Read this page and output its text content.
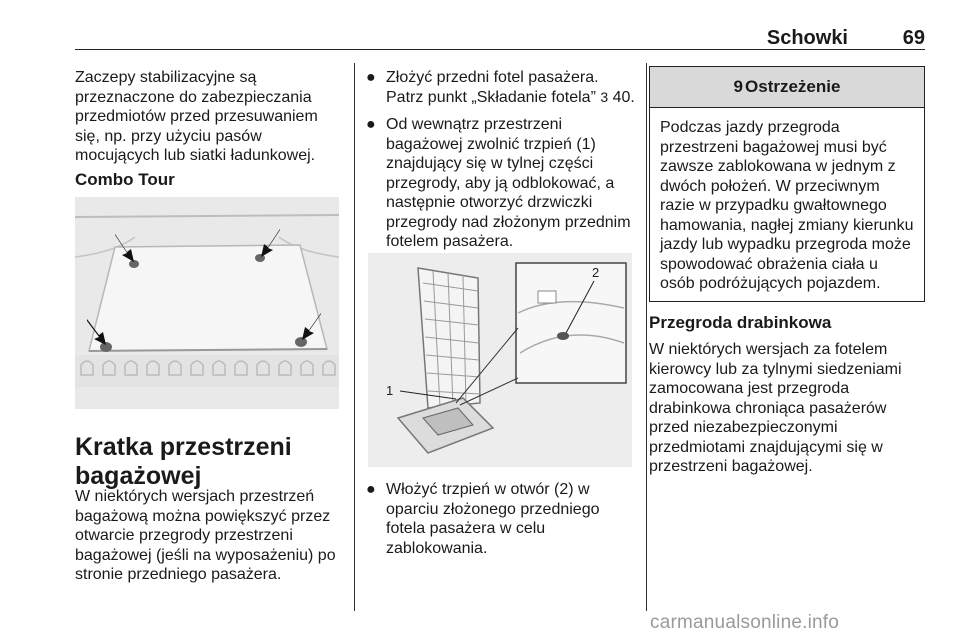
Schowki	69

Zaczepy stabilizacyjne są przeznaczone do zabezpieczania przedmiotów przed przesuwaniem się, np. przy użyciu pasów mocujących lub siatki ładunkowej.

Combo Tour
Kratka przestrzeni bagażowej

W niektórych wersjach przestrzeń bagażową można powiększyć przez otwarcie przegrody przestrzeni bagażowej (jeśli na wyposażeniu) po stronie przedniego pasażera.

● Złożyć przedni fotel pasażera. Patrz punkt „Składanie fotela” 3 40.
● Od wewnątrz przestrzeni bagażowej zwolnić trzpień (1) znajdujący się w tylnej części przegrody, aby ją odblokować, a następnie otworzyć drzwiczki przegrody nad złożonym przednim fotelem pasażera.
1
2
● Włożyć trzpień w otwór (2) w oparciu złożonego przedniego fotela pasażera w celu zablokowania.
9 Ostrzeżenie
Podczas jazdy przegroda przestrzeni bagażowej musi być zawsze zablokowana w jednym z dwóch położeń. W przeciwnym razie w przypadku gwałtownego hamowania, nagłej zmiany kierunku jazdy lub wypadku przegroda może spowodować obrażenia ciała u osób podróżujących pojazdem.
Przegroda drabinkowa

W niektórych wersjach za fotelem kierowcy lub za tylnymi siedzeniami zamocowana jest przegroda drabinkowa chroniąca pasażerów przed niezabezpieczonymi przedmiotami znajdującymi się w przestrzeni bagażowej.

carmanualsonline.info
